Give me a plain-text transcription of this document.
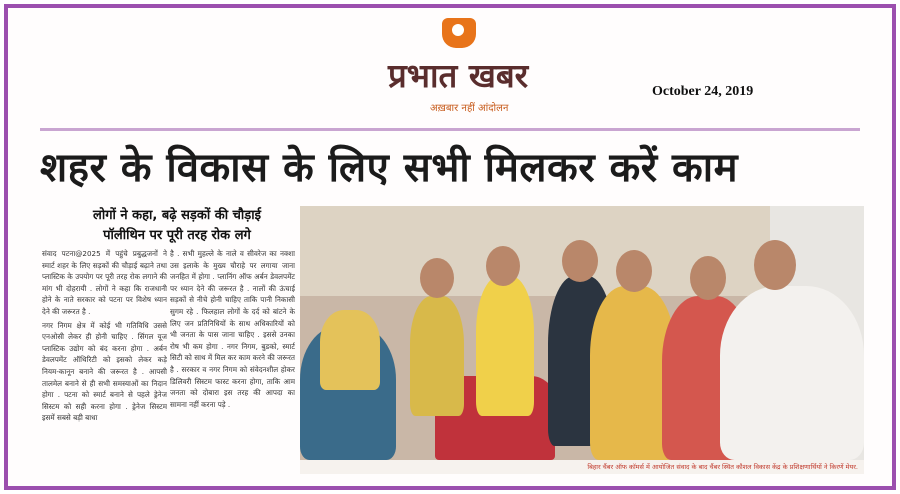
प्रभात खबर
अख़बार नहीं आंदोलन
October 24, 2019
शहर के विकास के लिए सभी मिलकर करें काम
लोगों ने कहा, बढ़े सड़कों की चौड़ाई
पॉलीथिन पर पूरी तरह रोक लगे

संवाद पटना@2025 में पहुंचे प्रबुद्धजनों ने स्मार्ट शहर के लिए सड़कों की चौड़ाई बढ़ाने तथा प्लास्टिक के उपयोग पर पूरी तरह रोक लगाने की मांग भी दोहरायी . लोगों ने कहा कि राजधानी होने के नाते सरकार को पटना पर विशेष ध्यान देने की जरूरत है .

नगर निगम क्षेत्र में कोई भी गतिविधि उससे एनओसी लेकर ही होनी चाहिए . सिंगल यूज प्लास्टिक उद्योग को बंद करना होगा . अर्बन डेवलपमेंट ऑथिरिटी को इसको लेकर कड़े नियम-कानून बनाने की जरूरत है . आपसी तालमेल बनाने से ही सभी समस्याओं का निदान होगा . पटना को स्मार्ट बनाने से पहले ड्रेनेज सिस्टम को सही करना होगा . ड्रेनेज सिस्टम इसमें सबसे बड़ी बाधा

है . सभी मुहल्ले के नाले व सीवरेज का नक्शा उस इलाके के मुख्य चौराहे पर लगाया जाना जनहित में होगा . प्लानिंग ऑफ अर्बन डेवलपमेंट पर ध्यान देने की जरूरत है . नालों की ऊंचाई सड़कों से नीचे होनी चाहिए ताकि पानी निकासी सुगम रहे . फिलहाल लोगों के दर्द को बांटने के लिए जन प्रतिनिधियों के साथ अधिकारियों को भी जनता के पास जाना चाहिए . इससे उनका रोष भी कम होगा . नगर निगम, बुडको, स्मार्ट सिटी को साथ में मिल कर काम करने की जरूरत है . सरकार व नगर निगम को संवेदनशील होकर डिलिवरी सिस्टम फास्ट करना होगा, ताकि आम जनता को दोबारा इस तरह की आपदा का सामना नहीं करना पड़े .

बिहार चैंबर ऑफ कॉमर्स में आयोजित संवाद के बाद चैंबर स्थित कौशल विकास केंद्र के प्रशिक्षणार्थियों ने किरणें मेयर.
